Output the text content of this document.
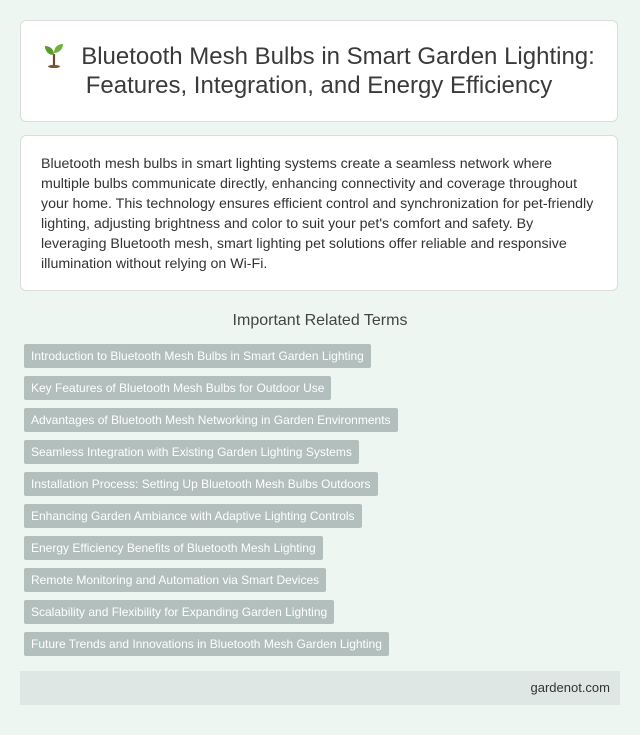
Bluetooth Mesh Bulbs in Smart Garden Lighting: Features, Integration, and Energy Efficiency

Bluetooth mesh bulbs in smart lighting systems create a seamless network where multiple bulbs communicate directly, enhancing connectivity and coverage throughout your home. This technology ensures efficient control and synchronization for pet-friendly lighting, adjusting brightness and color to suit your pet's comfort and safety. By leveraging Bluetooth mesh, smart lighting pet solutions offer reliable and responsive illumination without relying on Wi-Fi.

Important Related Terms
Introduction to Bluetooth Mesh Bulbs in Smart Garden Lighting
Key Features of Bluetooth Mesh Bulbs for Outdoor Use
Advantages of Bluetooth Mesh Networking in Garden Environments
Seamless Integration with Existing Garden Lighting Systems
Installation Process: Setting Up Bluetooth Mesh Bulbs Outdoors
Enhancing Garden Ambiance with Adaptive Lighting Controls
Energy Efficiency Benefits of Bluetooth Mesh Lighting
Remote Monitoring and Automation via Smart Devices
Scalability and Flexibility for Expanding Garden Lighting
Future Trends and Innovations in Bluetooth Mesh Garden Lighting
gardenot.com
